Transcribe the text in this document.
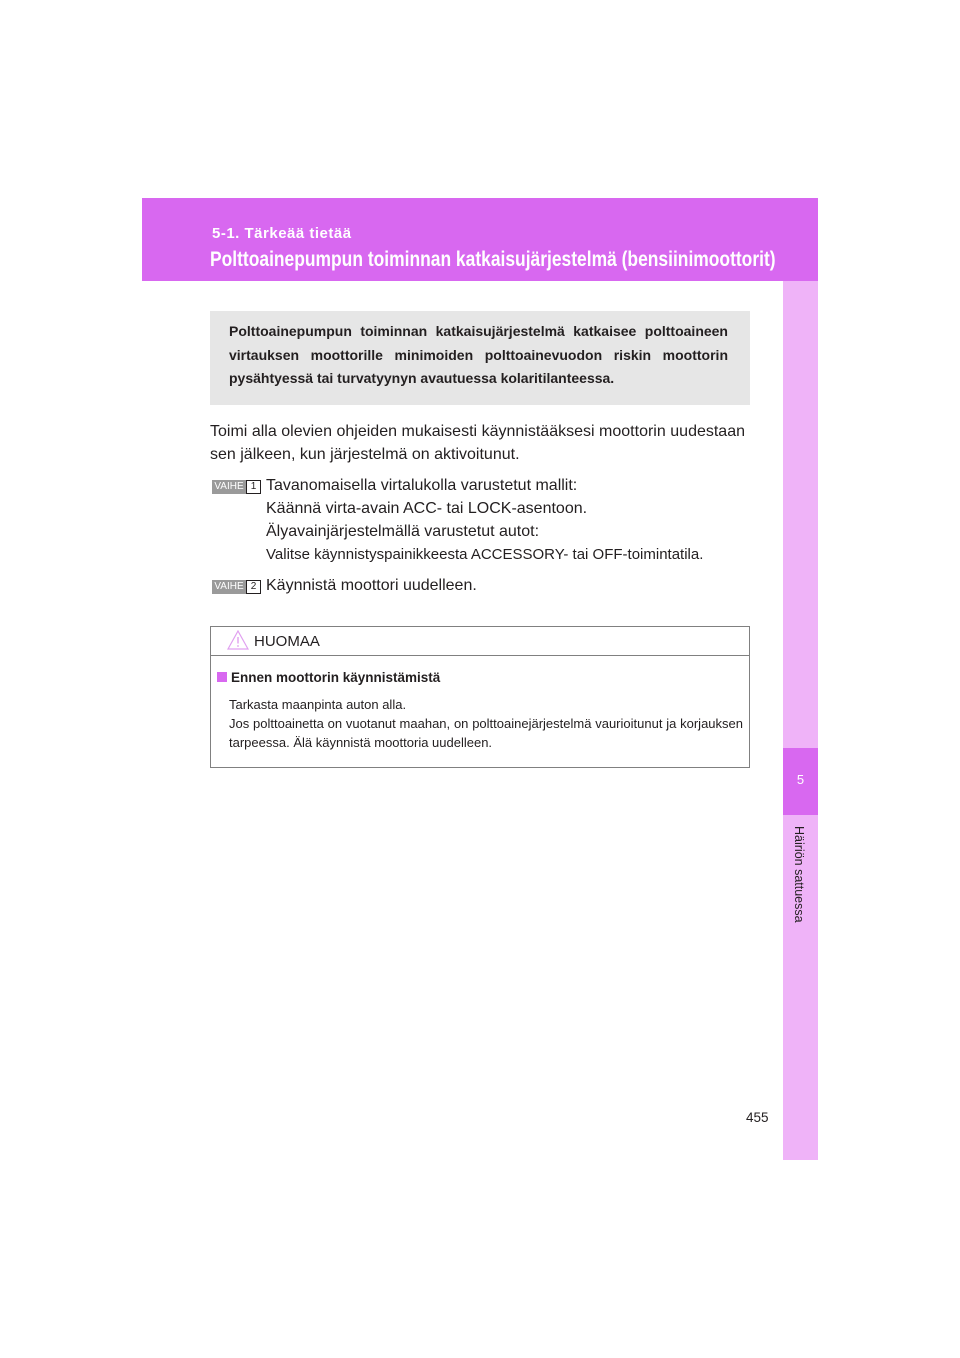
5-1. Tärkeää tietää
Polttoainepumpun toiminnan katkaisujärjestelmä (bensiinimoottorit)
5
Häiriön sattuessa
Polttoainepumpun toiminnan katkaisujärjestelmä katkaisee polttoaineen virtauksen moottorille minimoiden polttoainevuodon riskin moottorin pysähtyessä tai turvatyynyn avautuessa kolaritilanteessa.
Toimi alla olevien ohjeiden mukaisesti käynnistääksesi moottorin uudestaan sen jälkeen, kun järjestelmä on aktivoitunut.
VAIHE 1 Tavanomaisella virtalukolla varustetut mallit:
Käännä virta-avain ACC- tai LOCK-asentoon.
Älyavainjärjestelmällä varustetut autot:
Valitse käynnistyspainikkeesta ACCESSORY- tai OFF-toimintatila.
VAIHE 2 Käynnistä moottori uudelleen.
HUOMAA
Ennen moottorin käynnistämistä
Tarkasta maanpinta auton alla.
Jos polttoainetta on vuotanut maahan, on polttoainejärjestelmä vaurioitunut ja korjauksen tarpeessa. Älä käynnistä moottoria uudelleen.
455
